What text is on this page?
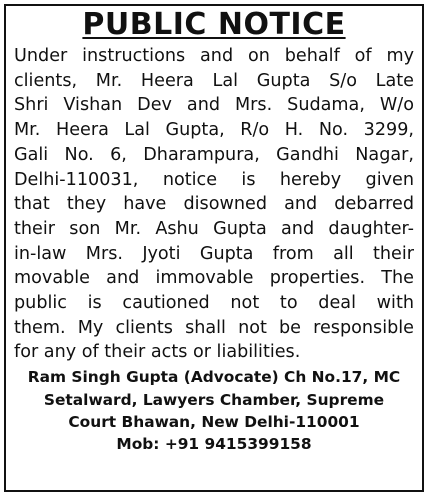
PUBLIC NOTICE
Under instructions and on behalf of my
clients, Mr. Heera Lal Gupta S/o Late
Shri Vishan Dev and Mrs. Sudama, W/o
Mr. Heera Lal Gupta, R/o H. No. 3299,
Gali No. 6, Dharampura, Gandhi Nagar,
Delhi-110031, notice is hereby given
that they have disowned and debarred
their son Mr. Ashu Gupta and daughter-
in-law Mrs. Jyoti Gupta from all their
movable and immovable properties. The
public is cautioned not to deal with
them. My clients shall not be responsible
for any of their acts or liabilities.
Ram Singh Gupta (Advocate) Ch No.17, MC
Setalward, Lawyers Chamber, Supreme
Court Bhawan, New Delhi-110001
Mob: +91 9415399158
